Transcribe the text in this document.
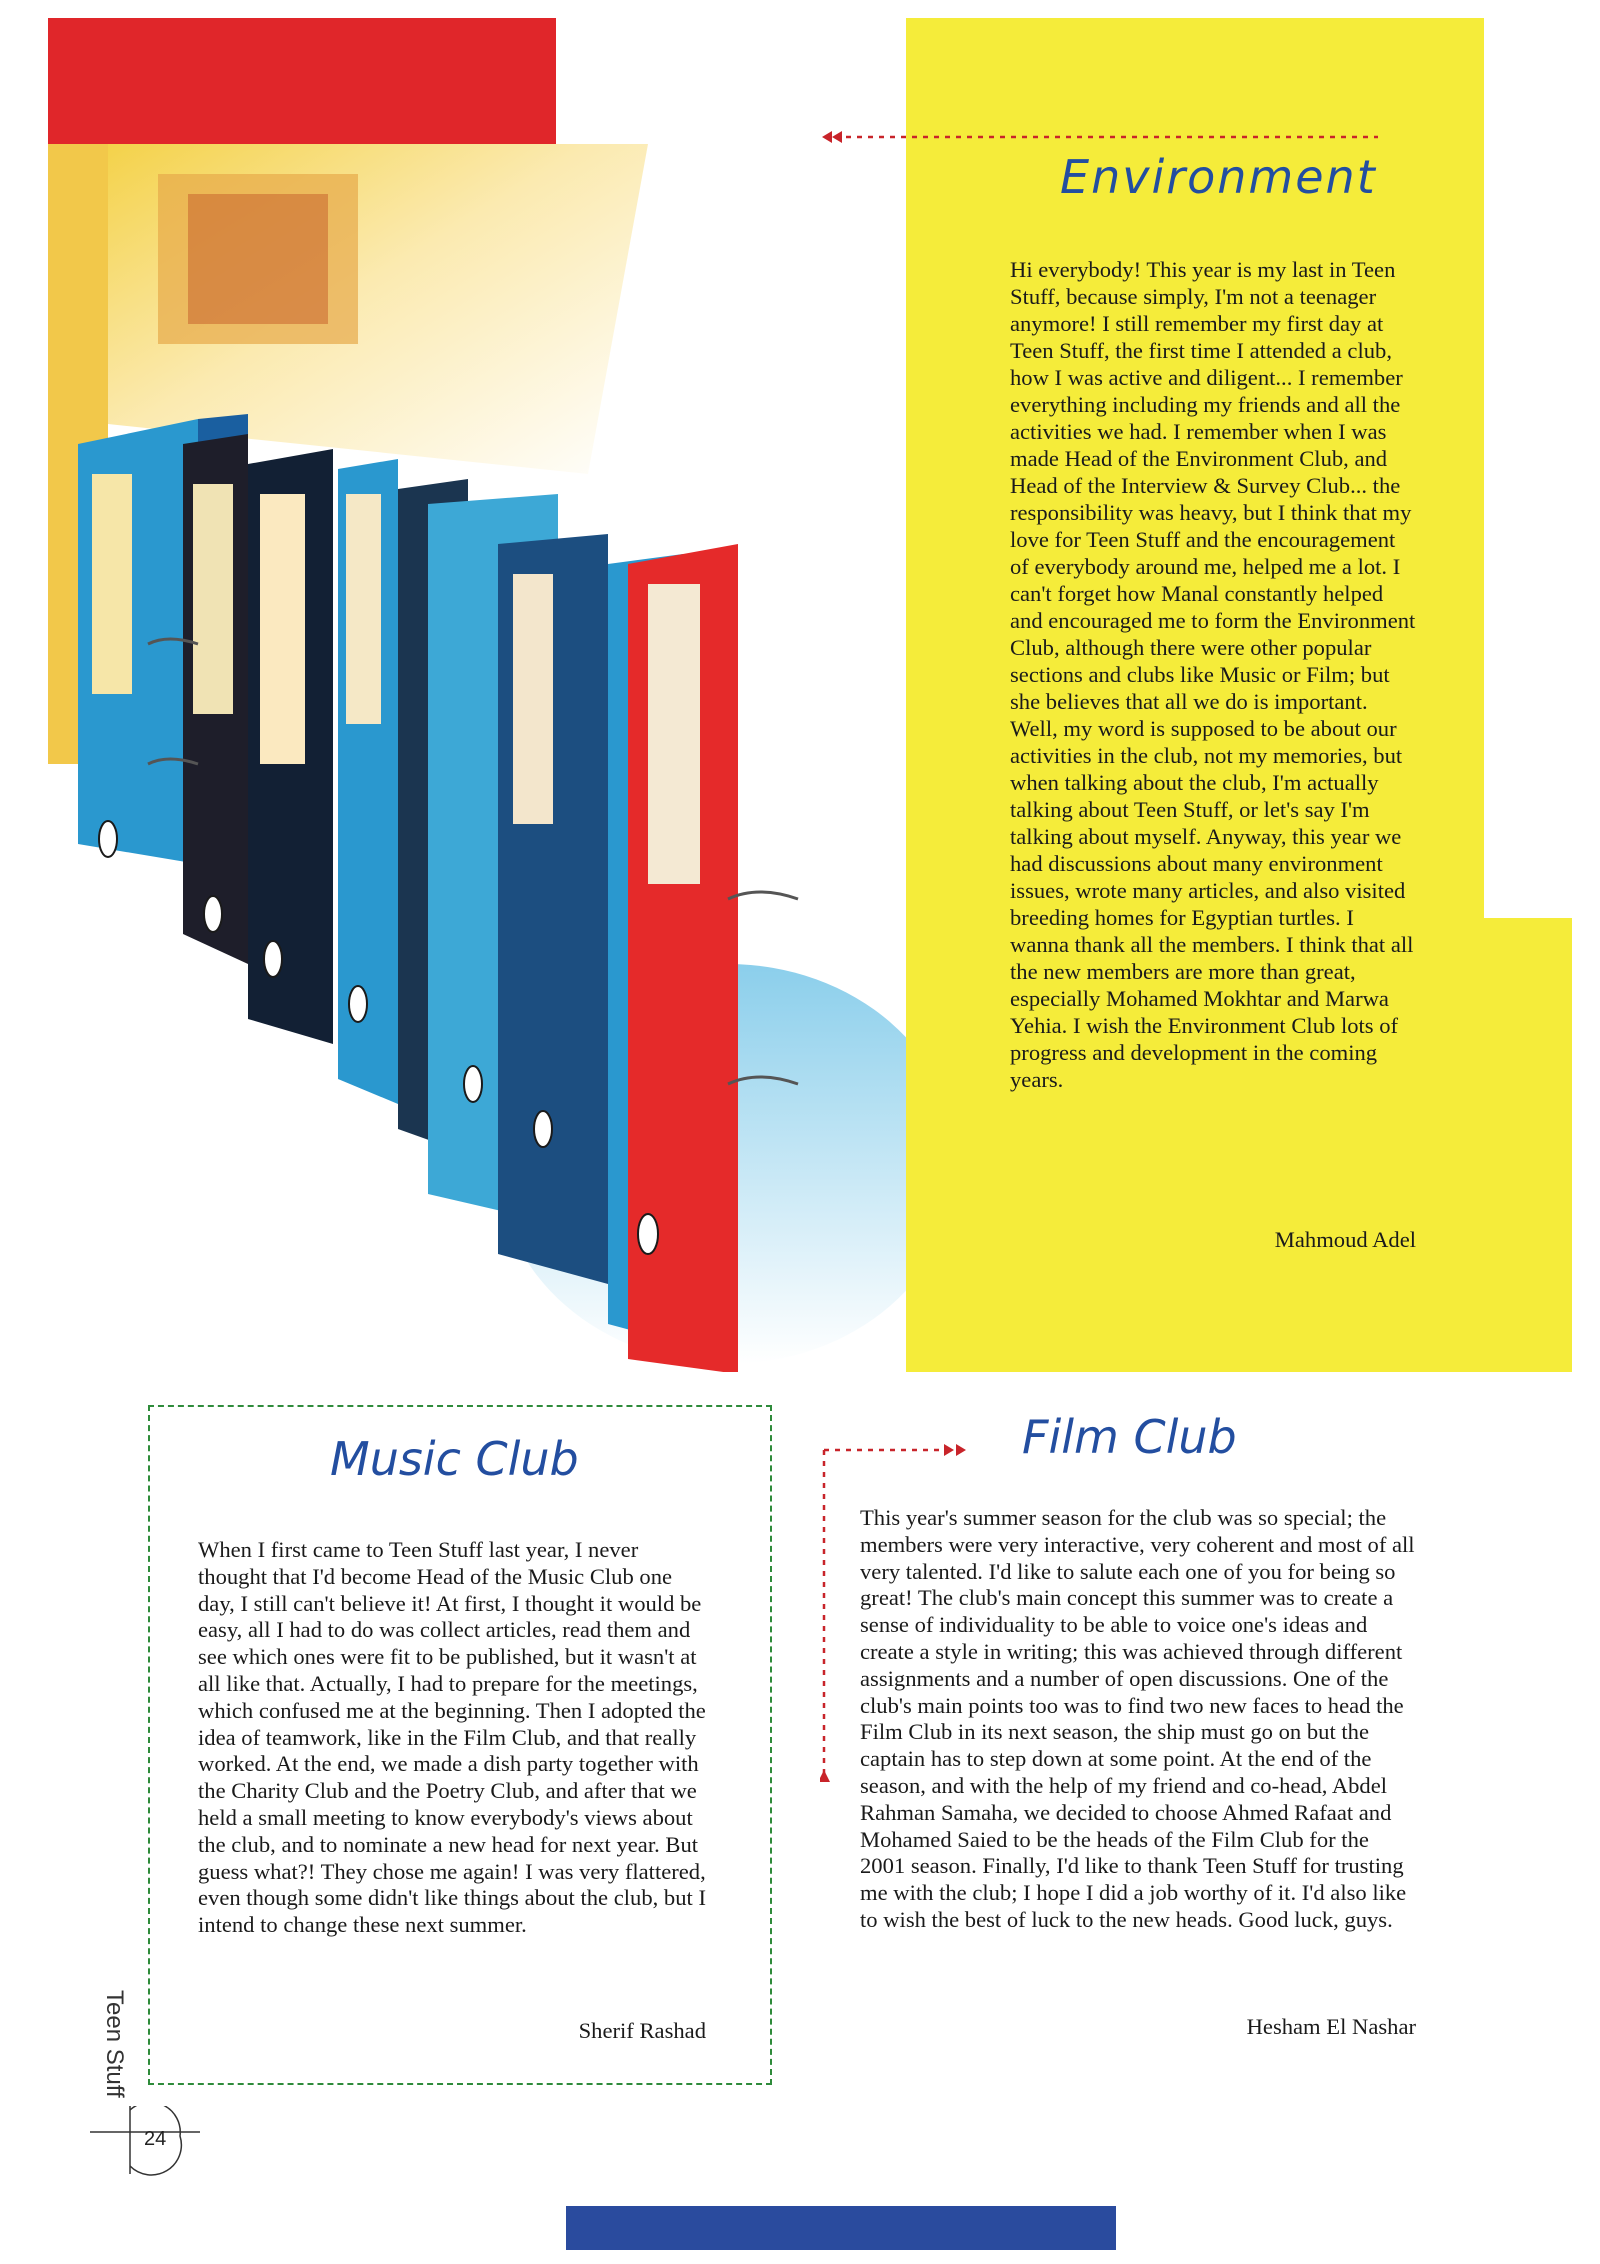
Environment

Hi everybody! This year is my last in Teen Stuff, because simply, I'm not a teenager anymore! I still remember my first day at Teen Stuff, the first time I attended a club, how I was active and diligent... I remember everything including my friends and all the activities we had. I remember when I was made Head of the Environment Club, and Head of the Interview & Survey Club... the responsibility was heavy, but I think that my love for Teen Stuff and the encouragement of everybody around me, helped me a lot. I can't forget how Manal constantly helped and encouraged me to form the Environment Club, although there were other popular sections and clubs like Music or Film; but she believes that all we do is important. Well, my word is supposed to be about our activities in the club, not my memories, but when talking about the club, I'm actually talking about Teen Stuff, or let's say I'm talking about myself. Anyway, this year we had discussions about many environment issues, wrote many articles, and also visited breeding homes for Egyptian turtles. I wanna thank all the members. I think that all the new members are more than great, especially Mohamed Mokhtar and Marwa Yehia. I wish the Environment Club lots of progress and development in the coming years.

Mahmoud Adel
Music Club

When I first came to Teen Stuff last year, I never thought that I'd become Head of the Music Club one day, I still can't believe it! At first, I thought it would be easy, all I had to do was collect articles, read them and see which ones were fit to be published, but it wasn't at all like that. Actually, I had to prepare for the meetings, which confused me at the beginning. Then I adopted the idea of teamwork, like in the Film Club, and that really worked. At the end, we made a dish party together with the Charity Club and the Poetry Club, and after that we held a small meeting to know everybody's views about the club, and to nominate a new head for next year. But guess what?! They chose me again! I was very flattered, even though some didn't like things about the club, but I intend to change these next summer.

Sherif Rashad
Film Club

This year's summer season for the club was so special; the members were very interactive, very coherent and most of all very talented. I'd like to salute each one of you for being so great! The club's main concept this summer was to create a sense of individuality to be able to voice one's ideas and create a style in writing; this was achieved through different assignments and a number of open discussions. One of the club's main points too was to find two new faces to head the Film Club in its next season, the ship must go on but the captain has to step down at some point. At the end of the season, and with the help of my friend and co-head, Abdel Rahman Samaha, we decided to choose Ahmed Rafaat and Mohamed Saied to be the heads of the Film Club for the 2001 season. Finally, I'd like to thank Teen Stuff for trusting me with the club; I hope I did a job worthy of it. I'd also like to wish the best of luck to the new heads. Good luck, guys.

Hesham El Nashar
Teen Stuff
24
